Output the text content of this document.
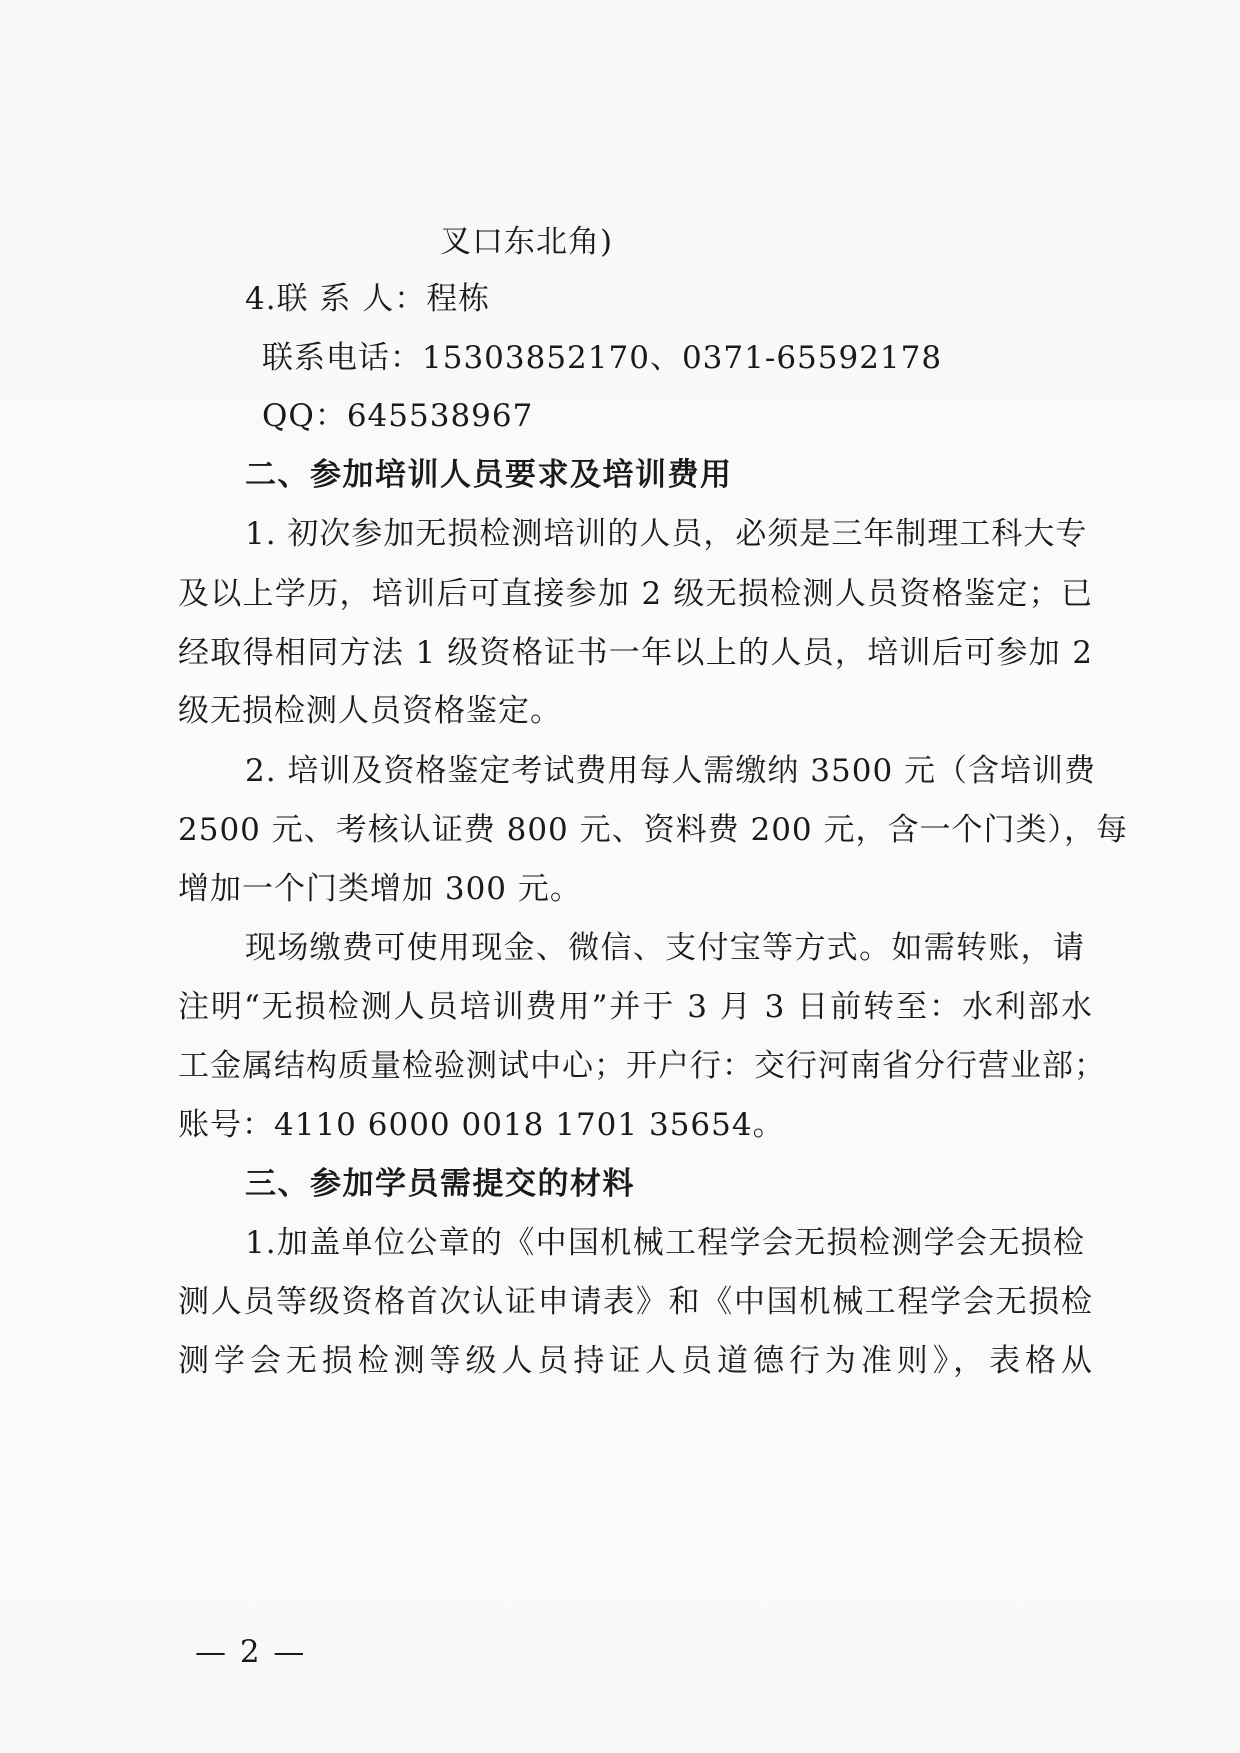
叉口东北角)
4.联 系 人：程栋
联系电话：15303852170、0371-65592178
QQ：645538967
二、参加培训人员要求及培训费用
1. 初次参加无损检测培训的人员，必须是三年制理工科大专
及以上学历，培训后可直接参加 2 级无损检测人员资格鉴定；已
经取得相同方法 1 级资格证书一年以上的人员，培训后可参加 2
级无损检测人员资格鉴定。
2. 培训及资格鉴定考试费用每人需缴纳 3500 元（含培训费
2500 元、考核认证费 800 元、资料费 200 元，含一个门类），每
增加一个门类增加 300 元。
现场缴费可使用现金、微信、支付宝等方式。如需转账，请
注明“无损检测人员培训费用”并于 3 月 3 日前转至：水利部水
工金属结构质量检验测试中心；开户行：交行河南省分行营业部；
账号：4110 6000 0018 1701 35654。
三、参加学员需提交的材料
1.加盖单位公章的《中国机械工程学会无损检测学会无损检
测人员等级资格首次认证申请表》和《中国机械工程学会无损检
测学会无损检测等级人员持证人员道德行为准则》，表格从
— 2 —
